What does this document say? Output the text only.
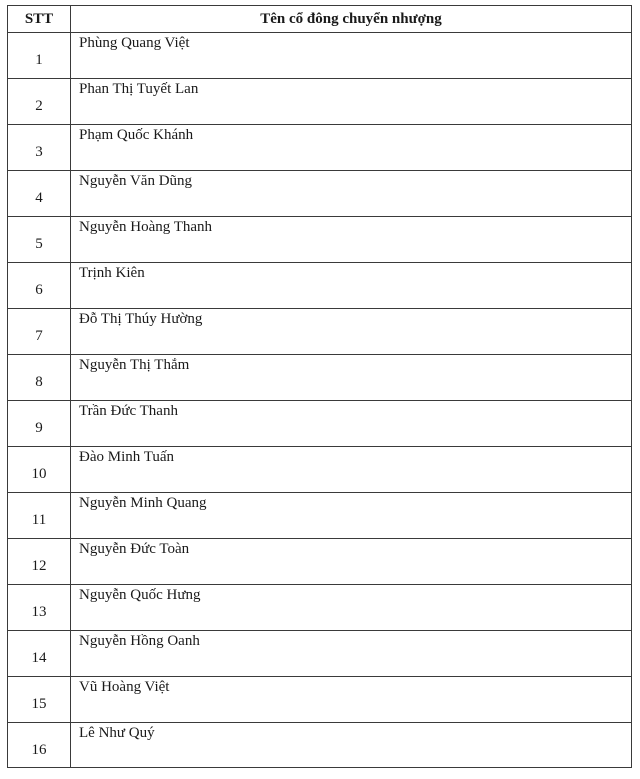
STT	Tên cổ đông chuyển nhượng
1	Phùng Quang Việt
2	Phan Thị Tuyết Lan
3	Phạm Quốc Khánh
4	Nguyễn Văn Dũng
5	Nguyễn Hoàng Thanh
6	Trịnh Kiên
7	Đỗ Thị Thúy Hường
8	Nguyễn Thị Thắm
9	Trần Đức Thanh
10	Đào Minh Tuấn
11	Nguyễn Minh Quang
12	Nguyễn Đức Toàn
13	Nguyễn Quốc Hưng
14	Nguyễn Hồng Oanh
15	Vũ Hoàng Việt
16	Lê Như Quý
